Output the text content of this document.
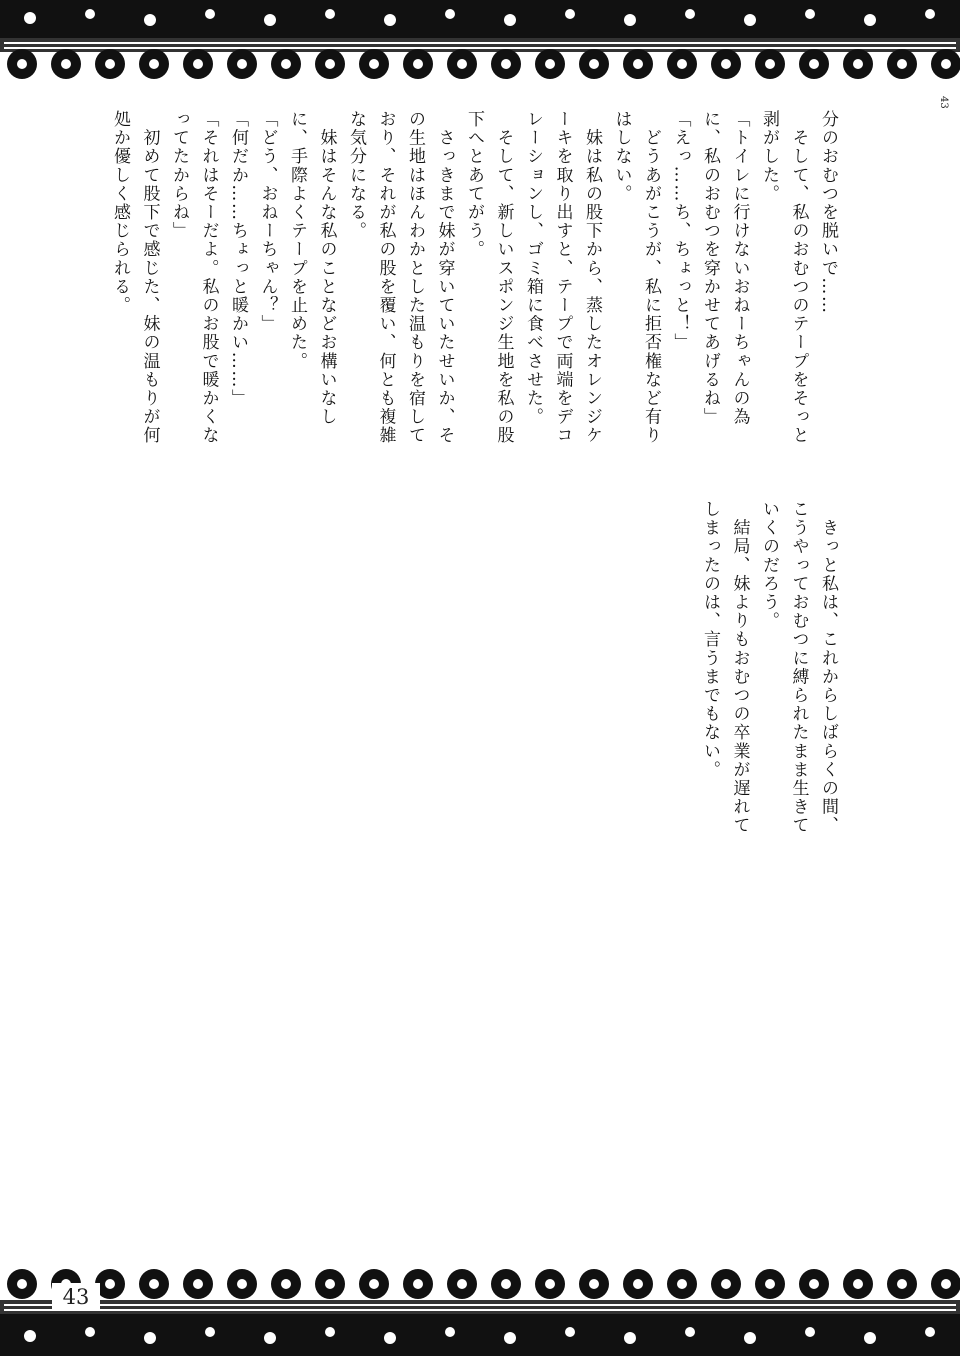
43

分のおむつを脱いで……

　そして、私のおむつのテープをそっと剥がした。

「トイレに行けないおねーちゃんの為に、私のおむつを穿かせてあげるね」

「えっ……ち、ちょっと！」

　どうあがこうが、私に拒否権など有りはしない。

　妹は私の股下から、蒸したオレンジケーキを取り出すと、テープで両端をデコレーションし、ゴミ箱に食べさせた。

　そして、新しいスポンジ生地を私の股下へとあてがう。

　さっきまで妹が穿いていたせいか、その生地はほんわかとした温もりを宿しており、それが私の股を覆い、何とも複雑な気分になる。

　妹はそんな私のことなどお構いなしに、手際よくテープを止めた。

「どう、おねーちゃん？」

「何だか……ちょっと暖かい……」

「それはそーだよ。私のお股で暖かくなってたからね」

　初めて股下で感じた、妹の温もりが何処か優しく感じられる。

　きっと私は、これからしばらくの間、こうやっておむつに縛られたまま生きていくのだろう。

　結局、妹よりもおむつの卒業が遅れてしまったのは、言うまでもない。

43
